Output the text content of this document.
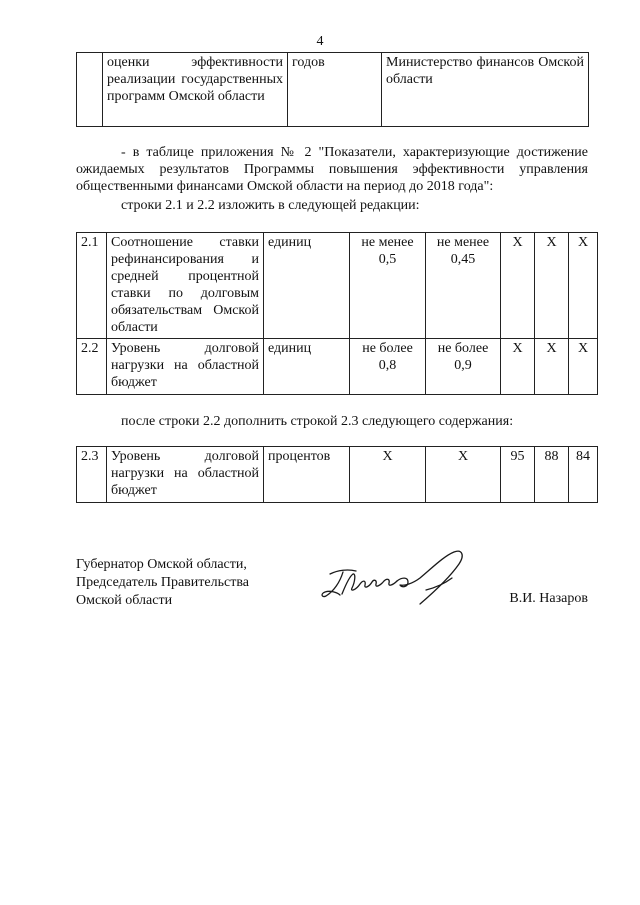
4
	оценки эффективности реализации государственных программ Омской области	годов	Министерство финансов Омской области
- в таблице приложения № 2 "Показатели, характеризующие достижение ожидаемых результатов Программы повышения эффективности управления общественными финансами Омской области на период до 2018 года":
строки 2.1 и 2.2 изложить в следующей редакции:
2.1	Соотношение ставки рефинансирования и средней процентной ставки по долговым обязательствам Омской области	единиц	не менее 0,5	не менее 0,45	X	X	X
2.2	Уровень долговой нагрузки на областной бюджет	единиц	не более 0,8	не более 0,9	X	X	X
после строки 2.2 дополнить строкой 2.3 следующего содержания:
2.3	Уровень долговой нагрузки на областной бюджет	процентов	X	X	95	88	84
Губернатор Омской области,
Председатель Правительства
Омской области	В.И. Назаров
